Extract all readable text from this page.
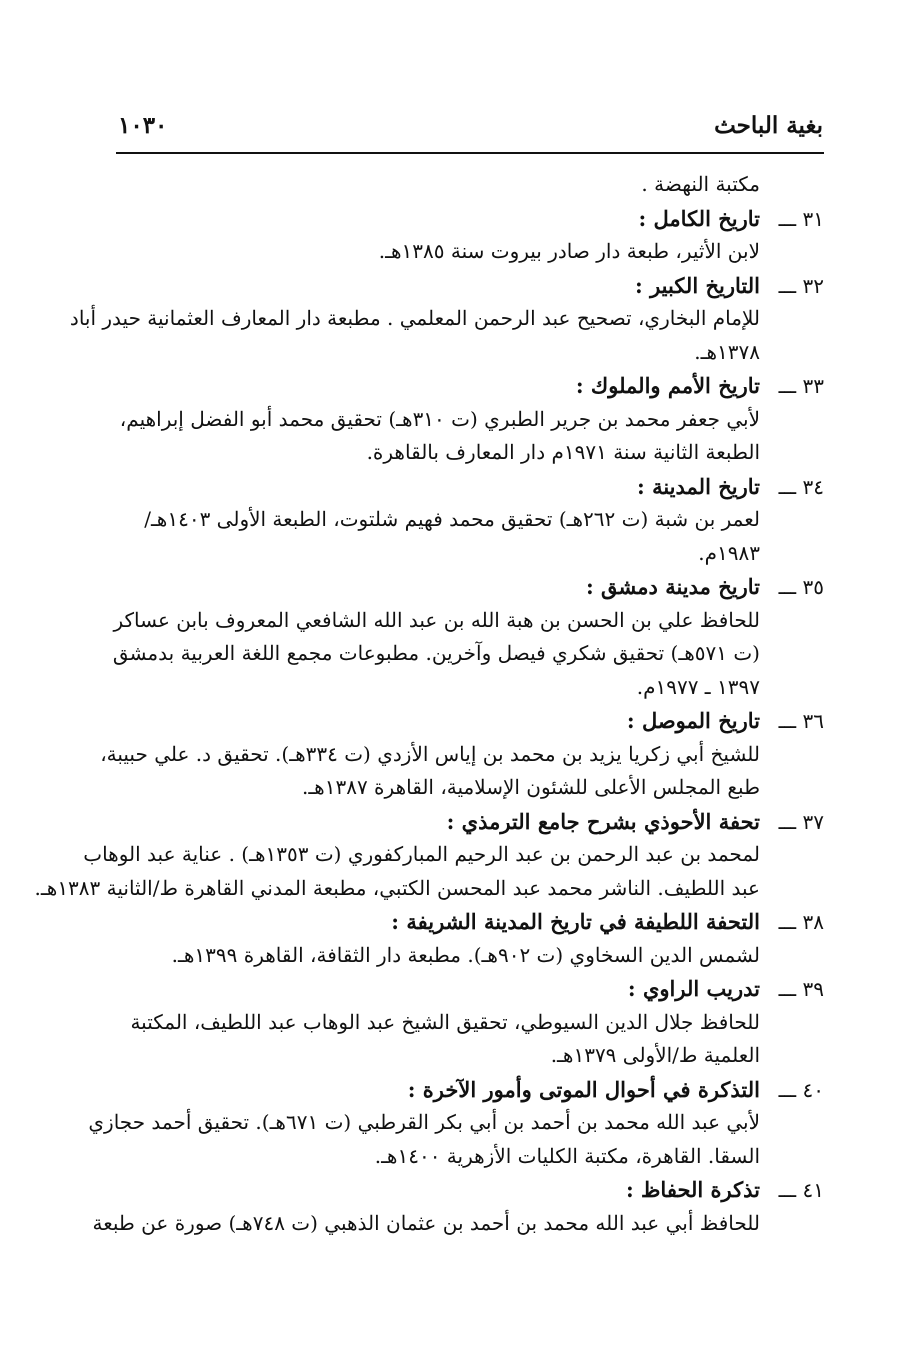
بغية الباحث
١٠٣٠
مكتبة النهضة .
٣١ ـــتاريخ الكامل :
لابن الأثير، طبعة دار صادر بيروت سنة ١٣٨٥هـ.
٣٢ ـــالتاريخ الكبير :
للإمام البخاري، تصحيح عبد الرحمن المعلمي . مطبعة دار المعارف العثمانية حيدر أباد
١٣٧٨هـ.
٣٣ ـــتاريخ الأمم والملوك :
لأبي جعفر محمد بن جرير الطبري (ت ٣١٠هـ) تحقيق محمد أبو الفضل إبراهيم،
الطبعة الثانية سنة ١٩٧١م دار المعارف بالقاهرة.
٣٤ ـــتاريخ المدينة :
لعمر بن شبة (ت ٢٦٢هـ) تحقيق محمد فهيم شلتوت، الطبعة الأولى ١٤٠٣هـ/
١٩٨٣م.
٣٥ ـــتاريخ مدينة دمشق :
للحافظ علي بن الحسن بن هبة الله بن عبد الله الشافعي المعروف بابن عساكر
(ت ٥٧١هـ) تحقيق شكري فيصل وآخرين. مطبوعات مجمع اللغة العربية بدمشق
١٣٩٧ ـ ١٩٧٧م.
٣٦ ـــتاريخ الموصل :
للشيخ أبي زكريا يزيد بن محمد بن إياس الأزدي (ت ٣٣٤هـ). تحقيق د. علي حبيبة،
طبع المجلس الأعلى للشئون الإسلامية، القاهرة ١٣٨٧هـ.
٣٧ ـــتحفة الأحوذي بشرح جامع الترمذي :
لمحمد بن عبد الرحمن بن عبد الرحيم المباركفوري (ت ١٣٥٣هـ) . عناية عبد الوهاب
عبد اللطيف. الناشر محمد عبد المحسن الكتبي، مطبعة المدني القاهرة ط/الثانية ١٣٨٣هـ.
٣٨ ـــالتحفة اللطيفة في تاريخ المدينة الشريفة :
لشمس الدين السخاوي (ت ٩٠٢هـ). مطبعة دار الثقافة، القاهرة ١٣٩٩هـ.
٣٩ ـــتدريب الراوي :
للحافظ جلال الدين السيوطي، تحقيق الشيخ عبد الوهاب عبد اللطيف، المكتبة
العلمية ط/الأولى ١٣٧٩هـ.
٤٠ ـــالتذكرة في أحوال الموتى وأمور الآخرة :
لأبي عبد الله محمد بن أحمد بن أبي بكر القرطبي (ت ٦٧١هـ). تحقيق أحمد حجازي
السقا. القاهرة، مكتبة الكليات الأزهرية ١٤٠٠هـ.
٤١ ـــتذكرة الحفاظ :
للحافظ أبي عبد الله محمد بن أحمد بن عثمان الذهبي (ت ٧٤٨هـ) صورة عن طبعة
